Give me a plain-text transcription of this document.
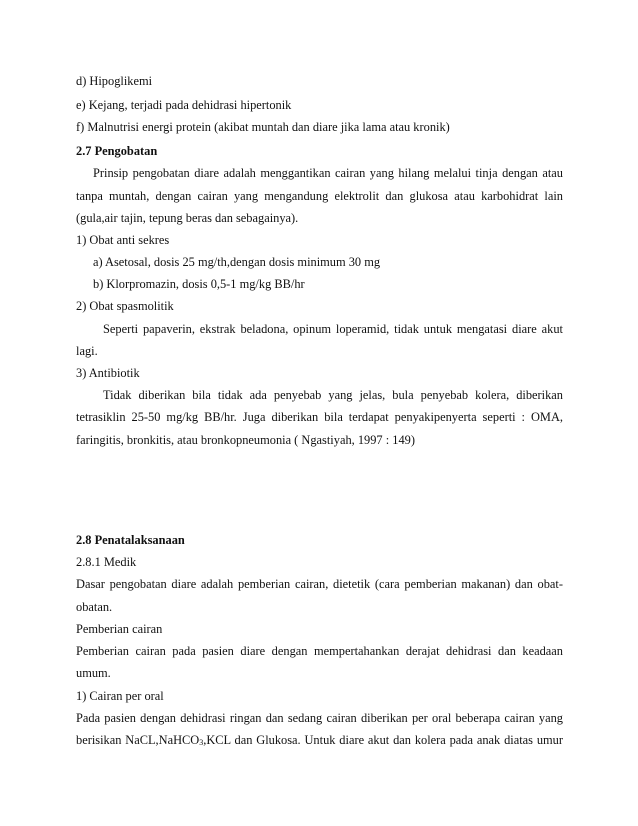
d) Hipoglikemi
e) Kejang, terjadi pada dehidrasi hipertonik
f) Malnutrisi energi protein (akibat muntah dan diare jika lama atau kronik)
2.7 Pengobatan
Prinsip pengobatan diare adalah menggantikan cairan yang hilang melalui tinja dengan atau
tanpa muntah, dengan cairan yang mengandung elektrolit dan glukosa atau karbohidrat lain
(gula,air tajin, tepung beras dan sebagainya).
1) Obat anti sekres
a) Asetosal, dosis 25 mg/th,dengan dosis minimum 30 mg
b) Klorpromazin, dosis 0,5-1 mg/kg BB/hr
2) Obat spasmolitik
Seperti papaverin, ekstrak beladona, opinum loperamid, tidak untuk mengatasi diare akut
lagi.
3) Antibiotik
Tidak diberikan bila tidak ada penyebab yang jelas, bula penyebab kolera, diberikan
tetrasiklin 25-50 mg/kg BB/hr. Juga diberikan bila terdapat penyakipenyerta seperti : OMA,
faringitis, bronkitis, atau bronkopneumonia ( Ngastiyah, 1997 : 149)
2.8 Penatalaksanaan
2.8.1 Medik
Dasar pengobatan diare adalah pemberian cairan, dietetik (cara pemberian makanan) dan obat-
obatan.
Pemberian cairan
Pemberian cairan pada pasien diare dengan mempertahankan derajat dehidrasi dan keadaan
umum.
1) Cairan per oral
Pada pasien dengan dehidrasi ringan dan sedang cairan diberikan per oral beberapa cairan yang
berisikan NaCL,NaHCO$_3$,KCL dan Glukosa. Untuk diare akut dan kolera pada anak diatas umur
